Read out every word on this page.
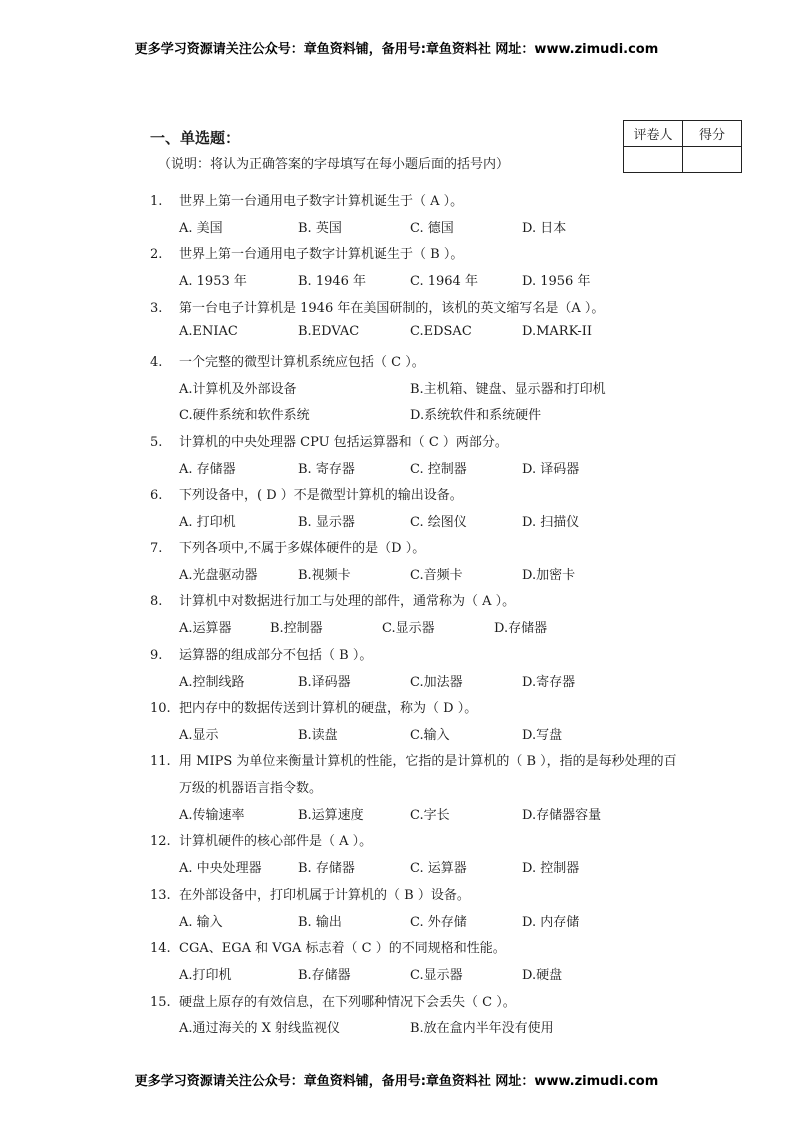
更多学习资源请关注公众号：章鱼资料铺，备用号:章鱼资料社 网址：www.zimudi.com
一、单选题：	评卷人	得分

（说明：将认为正确答案的字母填写在每小题后面的括号内）
1. 世界上第一台通用电子数字计算机诞生于（ A ）。
A. 美国	B. 英国	C. 德国	D. 日本
2. 世界上第一台通用电子数字计算机诞生于（ B ）。
A. 1953 年	B. 1946 年	C. 1964 年	D. 1956 年
3. 第一台电子计算机是 1946 年在美国研制的，该机的英文缩写名是（A ）。
A.ENIAC	B.EDVAC	C.EDSAC	D.MARK-II
4. 一个完整的微型计算机系统应包括（ C ）。
A.计算机及外部设备	B.主机箱、键盘、显示器和打印机
C.硬件系统和软件系统	D.系统软件和系统硬件
5. 计算机的中央处理器 CPU 包括运算器和（ C ）两部分。
A. 存储器	B. 寄存器	C. 控制器	D. 译码器
6. 下列设备中，( D ）不是微型计算机的输出设备。
A. 打印机	B. 显示器	C. 绘图仪	D. 扫描仪
7. 下列各项中,不属于多媒体硬件的是（D ）。
A.光盘驱动器	B.视频卡	C.音频卡	D.加密卡
8. 计算机中对数据进行加工与处理的部件，通常称为（ A ）。
A.运算器	B.控制器	C.显示器	D.存储器
9. 运算器的组成部分不包括（ B ）。
A.控制线路	B.译码器	C.加法器	D.寄存器
10. 把内存中的数据传送到计算机的硬盘，称为（ D ）。
A.显示	B.读盘	C.输入	D.写盘
11. 用 MIPS 为单位来衡量计算机的性能，它指的是计算机的（ B ），指的是每秒处理的百
万级的机器语言指令数。
A.传输速率	B.运算速度	C.字长	D.存储器容量
12. 计算机硬件的核心部件是（ A ）。
A. 中央处理器	B. 存储器	C. 运算器	D. 控制器
13. 在外部设备中，打印机属于计算机的（ B ）设备。
A. 输入	B. 输出	C. 外存储	D. 内存储
14. CGA、EGA 和 VGA 标志着（ C ）的不同规格和性能。
A.打印机	B.存储器	C.显示器	D.硬盘
15. 硬盘上原存的有效信息，在下列哪种情况下会丢失（ C ）。
A.通过海关的 X 射线监视仪	B.放在盒内半年没有使用
更多学习资源请关注公众号：章鱼资料铺，备用号:章鱼资料社 网址：www.zimudi.com
